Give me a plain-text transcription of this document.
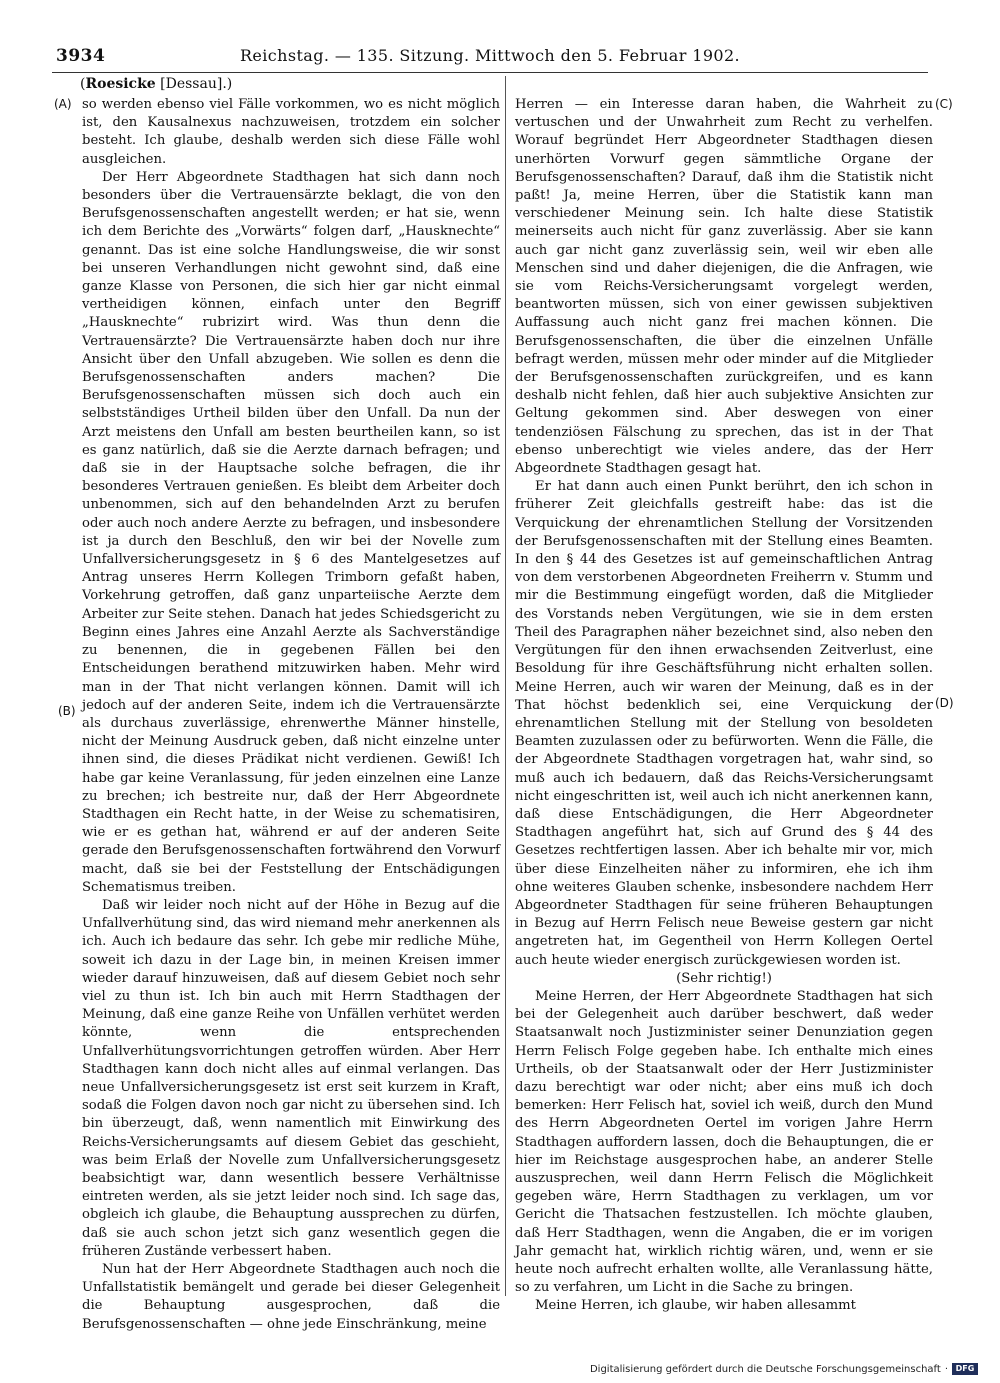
3934	Reichstag. — 135. Sitzung. Mittwoch den 5. Februar 1902.
(Roesicke [Dessau].)
(A)
(B)
(C)
(D)

so werden ebenso viel Fälle vorkommen, wo es nicht möglich ist, den Kausalnexus nachzuweisen, trotzdem ein solcher besteht. Ich glaube, deshalb werden sich diese Fälle wohl ausgleichen.

Der Herr Abgeordnete Stadthagen hat sich dann noch besonders über die Vertrauensärzte beklagt, die von den Berufsgenossenschaften angestellt werden; er hat sie, wenn ich dem Berichte des „Vorwärts“ folgen darf, „Hausknechte“ genannt. Das ist eine solche Handlungsweise, die wir sonst bei unseren Verhandlungen nicht gewohnt sind, daß eine ganze Klasse von Personen, die sich hier gar nicht einmal vertheidigen können, einfach unter den Begriff „Hausknechte“ rubrizirt wird. Was thun denn die Vertrauensärzte? Die Vertrauensärzte haben doch nur ihre Ansicht über den Unfall abzugeben. Wie sollen es denn die Berufsgenossenschaften anders machen? Die Berufsgenossenschaften müssen sich doch auch ein selbstständiges Urtheil bilden über den Unfall. Da nun der Arzt meistens den Unfall am besten beurtheilen kann, so ist es ganz natürlich, daß sie die Aerzte darnach befragen; und daß sie in der Hauptsache solche befragen, die ihr besonderes Vertrauen genießen. Es bleibt dem Arbeiter doch unbenommen, sich auf den behandelnden Arzt zu berufen oder auch noch andere Aerzte zu befragen, und insbesondere ist ja durch den Beschluß, den wir bei der Novelle zum Unfallversicherungsgesetz in § 6 des Mantelgesetzes auf Antrag unseres Herrn Kollegen Trimborn gefaßt haben, Vorkehrung getroffen, daß ganz unparteiische Aerzte dem Arbeiter zur Seite stehen. Danach hat jedes Schiedsgericht zu Beginn eines Jahres eine Anzahl Aerzte als Sachverständige zu benennen, die in gegebenen Fällen bei den Entscheidungen berathend mitzuwirken haben. Mehr wird man in der That nicht verlangen können. Damit will ich jedoch auf der anderen Seite, indem ich die Vertrauensärzte als durchaus zuverlässige, ehrenwerthe Männer hinstelle, nicht der Meinung Ausdruck geben, daß nicht einzelne unter ihnen sind, die dieses Prädikat nicht verdienen. Gewiß! Ich habe gar keine Veranlassung, für jeden einzelnen eine Lanze zu brechen; ich bestreite nur, daß der Herr Abgeordnete Stadthagen ein Recht hatte, in der Weise zu schematisiren, wie er es gethan hat, während er auf der anderen Seite gerade den Berufsgenossenschaften fortwährend den Vorwurf macht, daß sie bei der Feststellung der Entschädigungen Schematismus treiben.

Daß wir leider noch nicht auf der Höhe in Bezug auf die Unfallverhütung sind, das wird niemand mehr anerkennen als ich. Auch ich bedaure das sehr. Ich gebe mir redliche Mühe, soweit ich dazu in der Lage bin, in meinen Kreisen immer wieder darauf hinzuweisen, daß auf diesem Gebiet noch sehr viel zu thun ist. Ich bin auch mit Herrn Stadthagen der Meinung, daß eine ganze Reihe von Unfällen verhütet werden könnte, wenn die entsprechenden Unfallverhütungsvorrichtungen getroffen würden. Aber Herr Stadthagen kann doch nicht alles auf einmal verlangen. Das neue Unfallversicherungsgesetz ist erst seit kurzem in Kraft, sodaß die Folgen davon noch gar nicht zu übersehen sind. Ich bin überzeugt, daß, wenn namentlich mit Einwirkung des Reichs-Versicherungsamts auf diesem Gebiet das geschieht, was beim Erlaß der Novelle zum Unfallversicherungsgesetz beabsichtigt war, dann wesentlich bessere Verhältnisse eintreten werden, als sie jetzt leider noch sind. Ich sage das, obgleich ich glaube, die Behauptung aussprechen zu dürfen, daß sie auch schon jetzt sich ganz wesentlich gegen die früheren Zustände verbessert haben.

Nun hat der Herr Abgeordnete Stadthagen auch noch die Unfallstatistik bemängelt und gerade bei dieser Gelegenheit die Behauptung ausgesprochen, daß die Berufsgenossenschaften — ohne jede Einschränkung, meine

Herren — ein Interesse daran haben, die Wahrheit zu vertuschen und der Unwahrheit zum Recht zu verhelfen. Worauf begründet Herr Abgeordneter Stadthagen diesen unerhörten Vorwurf gegen sämmtliche Organe der Berufsgenossenschaften? Darauf, daß ihm die Statistik nicht paßt! Ja, meine Herren, über die Statistik kann man verschiedener Meinung sein. Ich halte diese Statistik meinerseits auch nicht für ganz zuverlässig. Aber sie kann auch gar nicht ganz zuverlässig sein, weil wir eben alle Menschen sind und daher diejenigen, die die Anfragen, wie sie vom Reichs-Versicherungsamt vorgelegt werden, beantworten müssen, sich von einer gewissen subjektiven Auffassung auch nicht ganz frei machen können. Die Berufsgenossenschaften, die über die einzelnen Unfälle befragt werden, müssen mehr oder minder auf die Mitglieder der Berufsgenossenschaften zurückgreifen, und es kann deshalb nicht fehlen, daß hier auch subjektive Ansichten zur Geltung gekommen sind. Aber deswegen von einer tendenziösen Fälschung zu sprechen, das ist in der That ebenso unberechtigt wie vieles andere, das der Herr Abgeordnete Stadthagen gesagt hat.

Er hat dann auch einen Punkt berührt, den ich schon in früherer Zeit gleichfalls gestreift habe: das ist die Verquickung der ehrenamtlichen Stellung der Vorsitzenden der Berufsgenossenschaften mit der Stellung eines Beamten. In den § 44 des Gesetzes ist auf gemeinschaftlichen Antrag von dem verstorbenen Abgeordneten Freiherrn v. Stumm und mir die Bestimmung eingefügt worden, daß die Mitglieder des Vorstands neben Vergütungen, wie sie in dem ersten Theil des Paragraphen näher bezeichnet sind, also neben den Vergütungen für den ihnen erwachsenden Zeitverlust, eine Besoldung für ihre Geschäftsführung nicht erhalten sollen. Meine Herren, auch wir waren der Meinung, daß es in der That höchst bedenklich sei, eine Verquickung der ehrenamtlichen Stellung mit der Stellung von besoldeten Beamten zuzulassen oder zu befürworten. Wenn die Fälle, die der Abgeordnete Stadthagen vorgetragen hat, wahr sind, so muß auch ich bedauern, daß das Reichs-Versicherungsamt nicht eingeschritten ist, weil auch ich nicht anerkennen kann, daß diese Entschädigungen, die Herr Abgeordneter Stadthagen angeführt hat, sich auf Grund des § 44 des Gesetzes rechtfertigen lassen. Aber ich behalte mir vor, mich über diese Einzelheiten näher zu informiren, ehe ich ihm ohne weiteres Glauben schenke, insbesondere nachdem Herr Abgeordneter Stadthagen für seine früheren Behauptungen in Bezug auf Herrn Felisch neue Beweise gestern gar nicht angetreten hat, im Gegentheil von Herrn Kollegen Oertel auch heute wieder energisch zurückgewiesen worden ist.

(Sehr richtig!)

Meine Herren, der Herr Abgeordnete Stadthagen hat sich bei der Gelegenheit auch darüber beschwert, daß weder Staatsanwalt noch Justizminister seiner Denunziation gegen Herrn Felisch Folge gegeben habe. Ich enthalte mich eines Urtheils, ob der Staatsanwalt oder der Herr Justizminister dazu berechtigt war oder nicht; aber eins muß ich doch bemerken: Herr Felisch hat, soviel ich weiß, durch den Mund des Herrn Abgeordneten Oertel im vorigen Jahre Herrn Stadthagen auffordern lassen, doch die Behauptungen, die er hier im Reichstage ausgesprochen habe, an anderer Stelle auszusprechen, weil dann Herrn Felisch die Möglichkeit gegeben wäre, Herrn Stadthagen zu verklagen, um vor Gericht die Thatsachen festzustellen. Ich möchte glauben, daß Herr Stadthagen, wenn die Angaben, die er im vorigen Jahr gemacht hat, wirklich richtig wären, und, wenn er sie heute noch aufrecht erhalten wollte, alle Veranlassung hätte, so zu verfahren, um Licht in die Sache zu bringen.

Meine Herren, ich glaube, wir haben allesammt

Digitalisierung gefördert durch die Deutsche Forschungsgemeinschaft · DFG
